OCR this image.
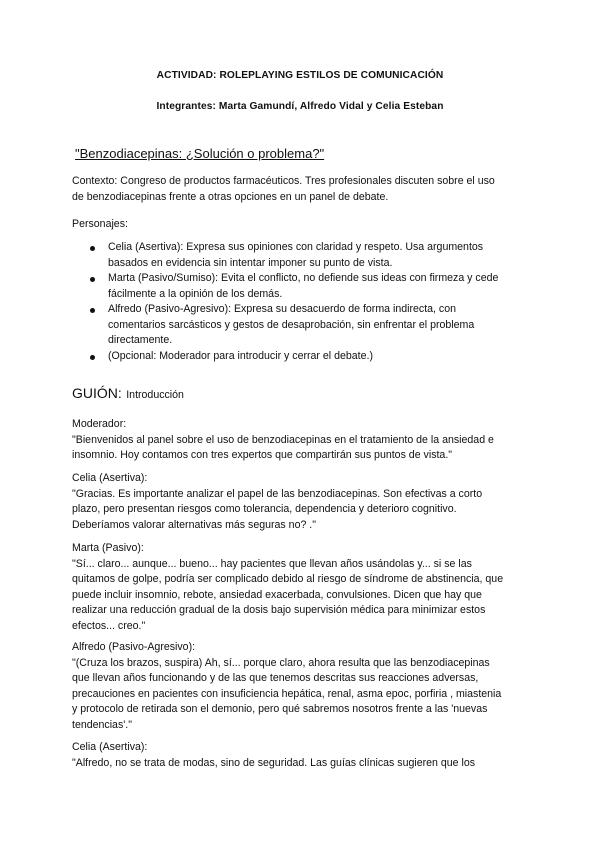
ACTIVIDAD: ROLEPLAYING ESTILOS DE COMUNICACIÓN
Integrantes: Marta Gamundí, Alfredo Vidal y Celia Esteban
"Benzodiacepinas: ¿Solución o problema?"
Contexto: Congreso de productos farmacéuticos. Tres profesionales discuten sobre el uso
de benzodiacepinas frente a otras opciones en un panel de debate.
Personajes:
Celia (Asertiva): Expresa sus opiniones con claridad y respeto. Usa argumentos
basados en evidencia sin intentar imponer su punto de vista.
Marta (Pasivo/Sumiso): Evita el conflicto, no defiende sus ideas con firmeza y cede
fácilmente a la opinión de los demás.
Alfredo (Pasivo-Agresivo): Expresa su desacuerdo de forma indirecta, con
comentarios sarcásticos y gestos de desaprobación, sin enfrentar el problema
directamente.
(Opcional: Moderador para introducir y cerrar el debate.)
GUIÓN: Introducción
Moderador:
"Bienvenidos al panel sobre el uso de benzodiacepinas en el tratamiento de la ansiedad e
insomnio. Hoy contamos con tres expertos que compartirán sus puntos de vista."
Celia (Asertiva):
"Gracias. Es importante analizar el papel de las benzodiacepinas. Son efectivas a corto
plazo, pero presentan riesgos como tolerancia, dependencia y deterioro cognitivo.
Deberíamos valorar alternativas más seguras no? ."
Marta (Pasivo):
"Sí... claro... aunque... bueno... hay pacientes que llevan años usándolas y... si se las
quitamos de golpe, podría ser complicado debido al riesgo de síndrome de abstinencia, que
puede incluir insomnio, rebote, ansiedad exacerbada, convulsiones. Dicen que hay que
realizar una reducción gradual de la dosis bajo supervisión médica para minimizar estos
efectos... creo."
Alfredo (Pasivo-Agresivo):
"(Cruza los brazos, suspira) Ah, sí... porque claro, ahora resulta que las benzodiacepinas
que llevan años funcionando y de las que tenemos descritas sus reacciones adversas,
precauciones en pacientes con insuficiencia hepática, renal, asma epoc, porfiria , miastenia
y protocolo de retirada son el demonio, pero qué sabremos nosotros frente a las 'nuevas
tendencias'."
Celia (Asertiva):
"Alfredo, no se trata de modas, sino de seguridad. Las guías clínicas sugieren que los
